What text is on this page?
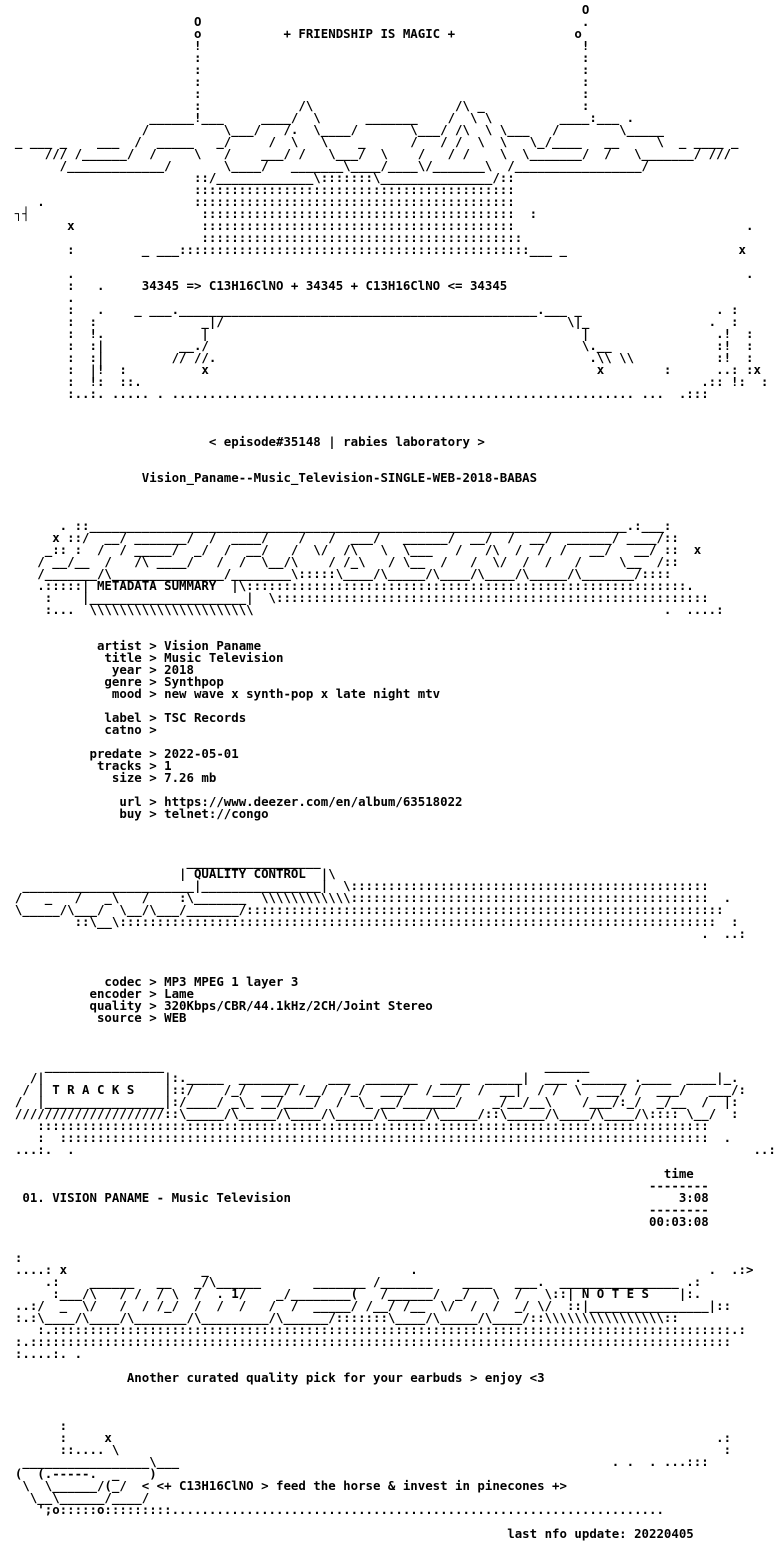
O
O                                                   .
o           + FRIENDSHIP IS MAGIC +                o
!                                                   !
:                                                   :
:                                                   :
:                                                   :
:                                                   :
:             /\                   /\ _             :
______!___     ____/  \      _______    /  \ \         ____:___ .
/          \___/   /.  \____/       \___/ /\  \ \___   /        \_____
_ ___ _    ___  /  _____   _/     /  \   \    _      /   / /  \  \   \_/____   __     \  _ ____ _
/// /______/  /     \   /    ___/ /   \___/  \    /   / /    \  \_______/  /   \_______/ ///
/_____________/       \____/   _______\____/____\/_______\  /_________________/
::/_____________\:::::::\_______________/::
:::::::::::::::::::::::::::::::::::::::::::
.                    :::::::::::::::::::::::::::::::::::::::::::
┐┤                       ::::::::::::::::::::::::::::::::::::::::::  :
x                 ::::::::::::::::::::::::::::::::::::::::::                               .
:::::::::::::::::::::::::::::::::::::::::::
:         _ ___:::::::::::::::::::::::::::::::::::::::::::::::___ _                       x
.                                                                                          .
:   .     34345 => C13H16ClNO + 34345 + C13H16ClNO <= 34345
.
:   .    _ ___.________________________________________________.___ _                  . :
:  :              _|/                                              \|_                .  :
:  !.             |                                                  |                 .!  :
:  :|          __./                                                  \.__              :!  :
:  :|         // //.                                                  .\\ \\           :!  :
:  |!  :          x                                                    x        :      ..: :x
:  !:  ::.                                                                           .:: !:  :
:..:. ..... . .............................................................. ...  .:::
< episode#35148 | rabies laboratory >
Vision_Paname--Music_Television-SINGLE-WEB-2018-BABAS
. ::________________________________________________________________________.:___:
x ::/  __/ _______/  /  ____/    /   /  ___/   ______/  __/  /  __/  ______/ ____/::
_:: :  /  / _____/  _/  /  __/   /  \/  /\   \  \___   /   /\  /  /  /   __/   __/ ::  x
/ __/__  /   /\ ____/   /  /  \__/\    / /_\   / \__  /   /  \/  /  /   /     \__  /::
/_______/\_______________/________\:::::\____/\_____/\____/\____/\_____/\_______/::::
.:::::| METADATA SUMMARY  |\:::::::::::::::::::::::::::::::::::::::::::::::::::::::::::.
:    |_____________________|  \::::::::::::::::::::::::::::::::::::::::::::::::::::::::::
:...  \\\\\\\\\\\\\\\\\\\\\\                                                       .  ....:
artist > Vision Paname
title > Music Television
year > 2018
genre > Synthpop
mood > new wave x synth-pop x late night mtv
label > TSC Records
catno >
predate > 2022-05-01
tracks > 1
size > 7.26 mb
url > https://www.deezer.com/en/album/63518022
buy > telnet://congo
__________________
| QUALITY CONTROL  |\
_______________________|________________|  \::::::::::::::::::::::::::::::::::::::::::::::::
/   _   /   _\   /    :\_______  \\\\\\\\\\\\::::::::::::::::::::::::::::::::::::::::::::::::  .
\_____/\___/  \__/\___/_______/::::::::::::::::::::::::::::::::::::::::::::::::::::::::::::::::
::\__\::::::::::::::::::::::::::::::::::::::::::::::::::::::::::::::::::::::::::::::::  :
.  ..:
codec > MP3 MPEG 1 layer 3
encoder > Lame
quality > 320Kbps/CBR/44.1kHz/2CH/Joint Stereo
source > WEB
________________                                                   ______
/|                |:._____  ________    ___  _______   ____  _____|  ___ .______ .____  ____|_.
/ | T R A C K S    |::/    /_/  ___/ /__/  /_/  ___/  /___/  /  __|  / /  \  ___/ /  ___/   ___/:
/  |________________|:/____/ _\_ __/____/  /  \_ __/_______/    _/__/__\    /___/:_/  _/__  /  |:
////////////////////::\_____/\_____/\____/\_____/\_____/\_____/::\_____/\____/\____/\:::: \__/  :
::::::::::::::::::::::::::::::::::::::::::::::::::::::::::::::::::::::::::::::::::::::::::
:  :::::::::::::::::::::::::::::::::::::::::::::::::::::::::::::::::::::::::::::::::::::::  .
...:.  .                                                                                           ..:
time
--------
01. VISION PANAME - Music Television                                                    3:08
--------
00:03:08
:
....: x                  _                           .                                       .  .:>
.:    ______   __   _/\______       _______ /_______    ____   ___.  ________________ .:
:___/\   / /  / \  /  . 1/    _/________(   /______/  _/   \  /   \::| N O T E S    |:.
..:/  _  \/   /  / /_/  /  /  /   /  /  _____/ /__/ /__  \/  /  /  _/ \/  ::|________________|::
:.:\____/\____/\_______/\_________/\______/:::::::\____/\_____/\____/::\\\\\\\\\\\\\\\\::
:.:::::::::::::::::::::::::::::::::::::::::::::::::::::::::::::::::::::::::::::::::::::::::::.:
:.::::::::::::::::::::::::::::::::::::::::::::::::::::::::::::::::::::::::::::::::::::::::::::::
:....:. .
Another curated quality pick for your earbuds > enjoy <3
:
:     x                                                                                 .:
::.... \                                                                                 :
_________________\___                                                          . .  . ...:::
(  (.-----.  _    )
\  \______/(_/  < <+ C13H16ClNO > feed the horse & invest in pinecones +>
\__\______/____/
';o:::::o:::::::::..................................................................
last nfo update: 20220405
